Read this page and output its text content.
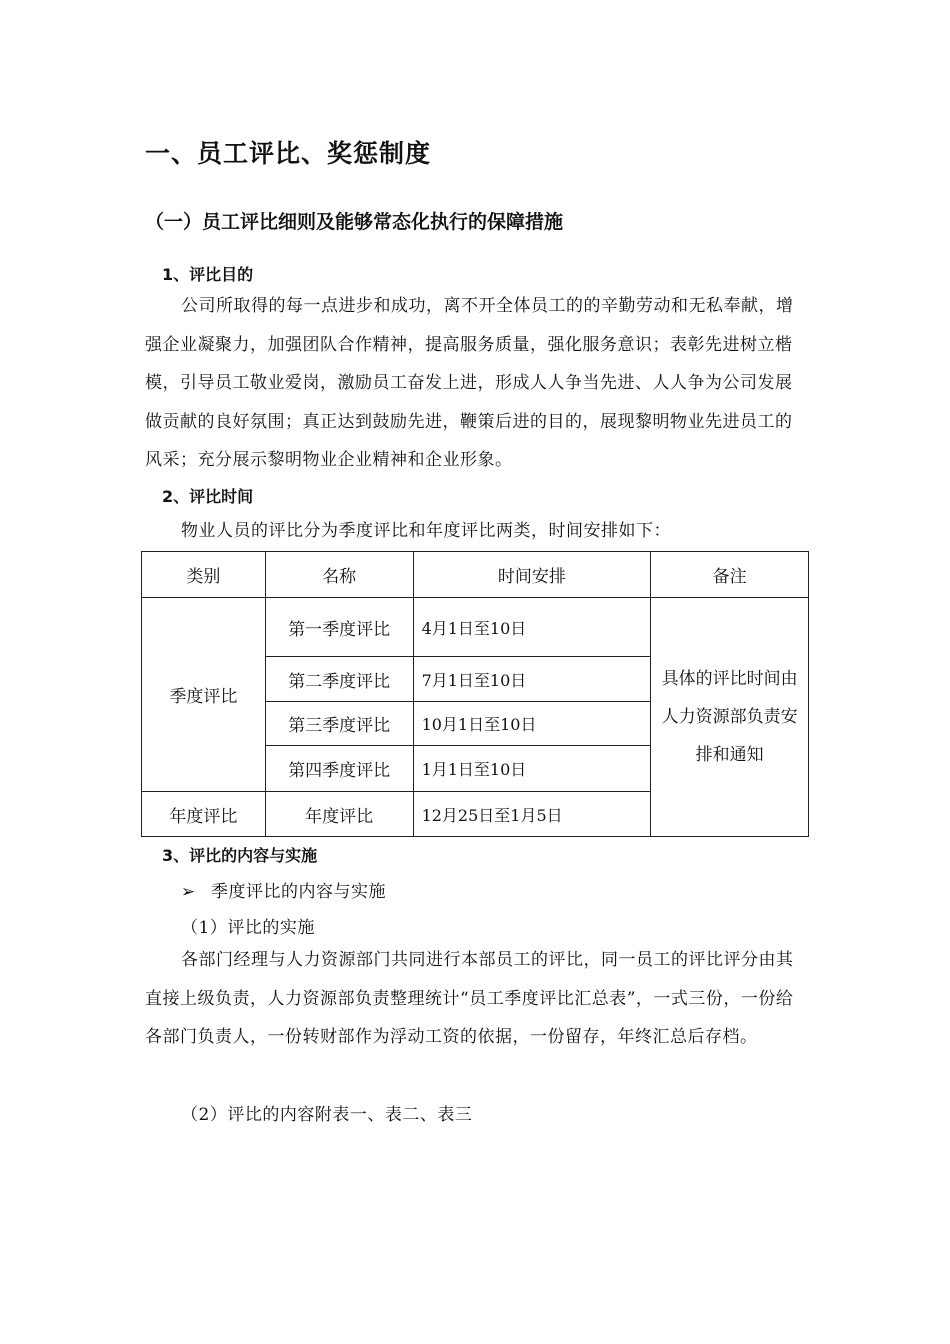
一、员工评比、奖惩制度
（一）员工评比细则及能够常态化执行的保障措施
1、评比目的
公司所取得的每一点进步和成功，离不开全体员工的的辛勤劳动和无私奉献，增强企业凝聚力，加强团队合作精神，提高服务质量，强化服务意识；表彰先进树立楷模，引导员工敬业爱岗，激励员工奋发上进，形成人人争当先进、人人争为公司发展做贡献的良好氛围；真正达到鼓励先进，鞭策后进的目的，展现黎明物业先进员工的风采；充分展示黎明物业企业精神和企业形象。
2、评比时间
物业人员的评比分为季度评比和年度评比两类，时间安排如下：
类别	名称	时间安排	备注
季度评比	第一季度评比	4月1日至10日	具体的评比时间由人力资源部负责安排和通知
	第二季度评比	7月1日至10日	
	第三季度评比	10月1日至10日	
	第四季度评比	1月1日至10日	
年度评比	年度评比	12月25日至1月5日	
3、评比的内容与实施
➢ 季度评比的内容与实施
（1）评比的实施
各部门经理与人力资源部门共同进行本部员工的评比，同一员工的评比评分由其直接上级负责，人力资源部负责整理统计“员工季度评比汇总表”，一式三份，一份给各部门负责人，一份转财部作为浮动工资的依据，一份留存，年终汇总后存档。
（2）评比的内容附表一、表二、表三
